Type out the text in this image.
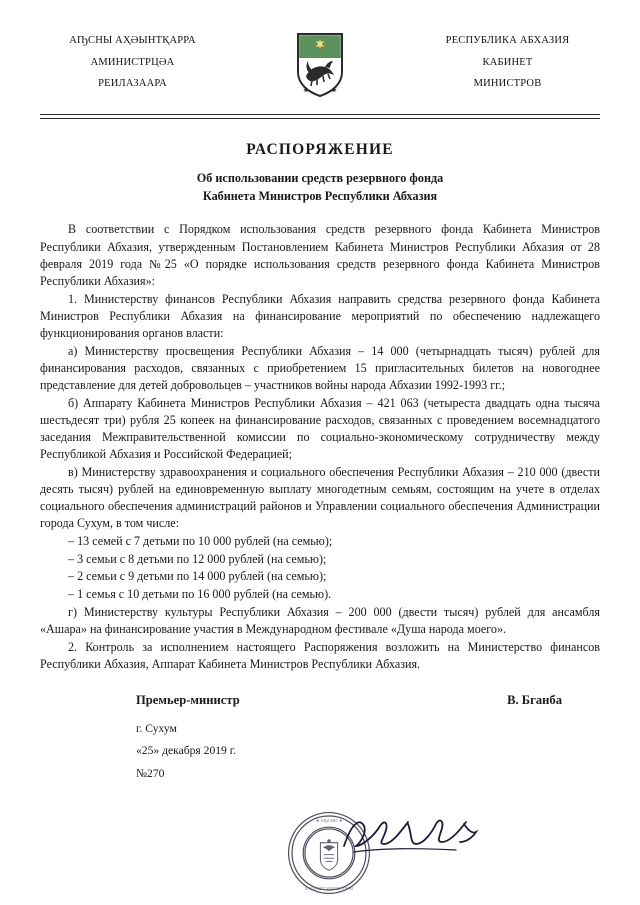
АҦСНЫ АҲӘЫНТҚАРРА
АМИНИСТРЦӘА
РЕИЛАЗААРА
РЕСПУБЛИКА АБХАЗИЯ
КАБИНЕТ
МИНИСТРОВ
РАСПОРЯЖЕНИЕ
Об использовании средств резервного фонда
Кабинета Министров Республики Абхазия

В соответствии с Порядком использования средств резервного фонда Кабинета Министров Республики Абхазия, утвержденным Постановлением Кабинета Министров Республики Абхазия от 28 февраля 2019 года №25 «О порядке использования средств резервного фонда Кабинета Министров Республики Абхазия»:

1. Министерству финансов Республики Абхазия направить средства резервного фонда Кабинета Министров Республики Абхазия на финансирование мероприятий по обеспечению надлежащего функционирования органов власти:

а) Министерству просвещения Республики Абхазия – 14 000 (четырнадцать тысяч) рублей для финансирования расходов, связанных с приобретением 15 пригласительных билетов на новогоднее представление для детей добровольцев – участников войны народа Абхазии 1992-1993 гг.;

б) Аппарату Кабинета Министров Республики Абхазия – 421 063 (четыреста двадцать одна тысяча шестьдесят три) рубля 25 копеек на финансирование расходов, связанных с проведением восемнадцатого заседания Межправительственной комиссии по социально-экономическому сотрудничеству между Республикой Абхазия и Российской Федерацией;

в) Министерству здравоохранения и социального обеспечения Республики Абхазия – 210 000 (двести десять тысяч) рублей на единовременную выплату многодетным семьям, состоящим на учете в отделах социального обеспечения администраций районов и Управлении социального обеспечения Администрации города Сухум, в том числе:

– 13 семей с 7 детьми по 10 000 рублей (на семью);

– 3 семьи с 8 детьми по 12 000 рублей (на семью);

– 2 семьи с 9 детьми по 14 000 рублей (на семью);

– 1 семья с 10 детьми по 16 000 рублей (на семью).

г) Министерству культуры Республики Абхазия – 200 000 (двести тысяч) рублей для ансамбля «Ашара» на финансирование участия в Международном фестивале «Душа народа моего».

2. Контроль за исполнением настоящего Распоряжения возложить на Министерство финансов Республики Абхазия, Аппарат Кабинета Министров Республики Абхазия.

Премьер-министр	В. Бганба
г. Сухум
«25» декабря 2019 г.
№270
★ АҦСНЫ ★
КАБИНЕТ МИНИСТРОВ
